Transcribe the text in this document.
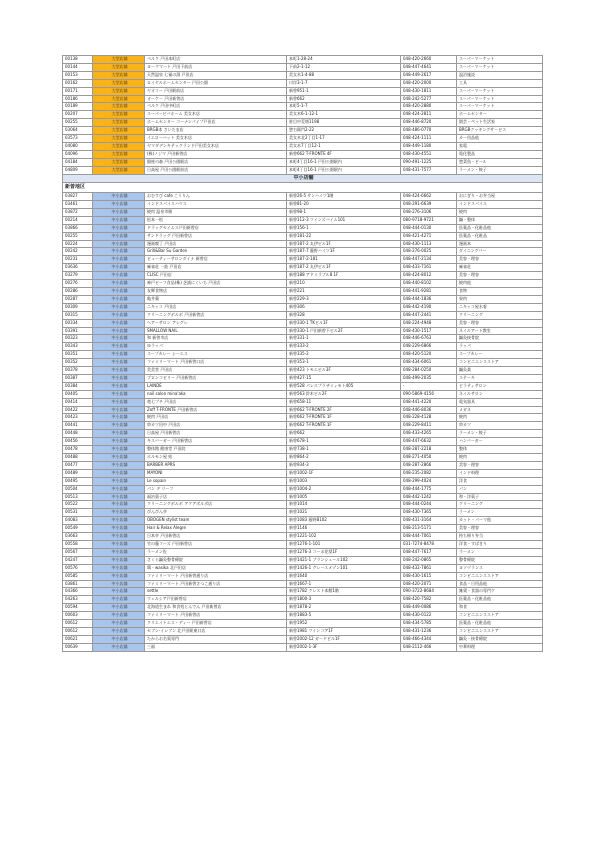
00138	大型店舗	ベルク 戸田本町店	本町1-28-24	048-420-2660	スーパーマーケット
00144	大型店舗	ヨークマート 戸田下前店	下前2-1-12	048-447-4641	スーパーマーケット
00153	大型店舗	天然温泉 七福の湯 戸田店	美女木1-4-88	048-449-2617	温浴施設
00162	大型店舗	ロイヤルホームセンター 戸田公園	川岸3-1-7	048-420-2000	工具
00171	大型店舗	ヤオコー 戸田駅前店	新曽951-1	048-430-1811	スーパーマーケット
00186	大型店舗	オーケー 戸田新曽店	新曽662	048-242-5277	スーパーマーケット
00189	大型店舗	ベルク 戸田中町店	本町5-1-7	048-420-2880	スーパーマーケット
00207	大型店舗	スーパービバホーム 美女木店	美女木6-1-12-1	048-424-2811	ホームセンター
00255	大型店舗	ホームセンター コーナンパイプ戸田店	笹目中荒堰1198	048-446-8720	園芸・ペット生活家
03064	大型店舗	BRGB本 さいたま店	惣右衛門2-22	048-486-0770	BRGBクッキングサービス
03573	大型店舗	イエローハット 美女木店	美女木北2丁目1-17	048-424-1111	カー用品他
04080	大型店舗	ヤマダデンキテックランド戸田美女木店	美女木7丁目12-1	048-449-1180	家電
04096	大型店舗	(株)ノジマ 戸田新曽店	新曽662 T-FRONTE 4F	048-430-4551	電化製品
04184	大型店舗	銀座の森 戸田公園駅店	本町4丁目16-1 戸田公園駅内	090-491-1225	惣菜魚・ビール
04809	大型店舗	日高屋 戸田公園駅前店	本町4丁目16-1 戸田公園駅内	048-431-7577	ラーメン・餃子
中小店舗					
新曽地区					
03827	中小店舗	おむすび cafe こうりん	新曽26-5 サンハイツ1階	048-424-6662	おにぎり・お弁当屋
03461	中小店舗	インドスパイスハウス	新曽81-20	048-291-6639	インドスパイス
03872	中小店舗	焼肉 温泉市勝	新曽98-1	048-276-3106	焼肉
00214	中小店舗	松本一松	新曽112-3 ツインズハイム101	080-9718-9721	鍼・整体
03866	中小店舗	ドラッグセイムス戸田新曽店	新曽156-1	048-444-0130	医薬品・化粧品他
00255	中小店舗	サンドラッグ 戸田新曽店	新曽181-22	048-421-4271	医薬品・化粧品
00224	中小店舗	漫画喫丁 戸田店	新曽187-2 丸伊ビル1F	048-430-1113	漫画本
00242	中小店舗	Grill&Bar Su Garden	新曽187-7 藤野ハイツ1F	048-276-0025	ダイニングバー
00231	中小店舗	ビューティーサロンダイナ 新曽店	新曽187-2-181	048-447-2134	美容・理容
03636	中小店舗	麻雀荘 一紘 戸田店	新曽187-2 丸伊ビル1F	048-433-7161	麻雀荘
03279	中小店舗	CLISC 戸田店	新曽188 アドミラブル8 1F	048-424-8012	美容・理容
00276	中小店舗	神戸ビーフ食品(株) 芝浦にくいち 戸田店	新曽210	048-440-8102	焼肉他
00286	中小店舗	友輝食物店	新曽221	048-441-9281	食物
00287	中小店舗	亀井薬	新曽229-3	048-444-1836	果肉
00309	中小店舗	ニキッコ 戸田店	新曽306	048-442-4190	ニキッコ屋水着
00315	中小店舗	クリーニングボルボ 戸田新曽店	新曽328	048-447-2441	クリーニング
00334	中小店舗	ヘアーサロン アレグレ	新曽330-1 TKビル1F	048-224-4948	美容・理容
03391	中小店舗	SMALLOW NAIL	新曽330-1 戸田新曽下ビル2F	048-430-1517	ネイルアート教室
00323	中小店舗	和 新曽市店	新曽331-1	048-446-6763	鍼灸接骨院
00343	中小店舗	ゆラッパ	新曽333-2	048-229-6866	ラッパ
00351	中小店舗	スープカレー シーエス	新曽335-2	048-420-5120	スープカレー
00352	中小店舗	ファミリーマート 戸田新曽口店	新曽353-1	048-434-6061	コンビニエンスストア
00378	中小店舗	美美堂 戸田店	新曽423 トモエビル3F	048-284-0250	鍼灸業
00387	中小店舗	ブロンコビリー 戸田新曽店	新曽427-15	048-499-2035	ステーキ
00384	中小店舗	LAINDE	新曽528 パレスプラザミィモト405	-	ピラティサロン
00405	中小店舗	nail salon mina'aka	新曽563 鈴木ビル2F	090-5869-4156	ネイルサロン
00414	中小店舗	竜七プチ 戸田店	新曽658-11	048-441-4220	電気器具
00422	中小店舗	Zoff T-FRONTE 戸田新曽店	新曽662 T-FRONTE 2F	048-446-8036	メガネ
00423	中小店舗	焼肉 戸田店	新曽662 T-FRONTE 1F	048-228-4128	焼肉
00441	中小店舗	串カツ田中 戸田店	新曽662 T-FRONTE 1F	048-229-8411	串カツ
00448	中小店舗	日高屋 戸田新曽店	新曽662	048-433-4265	ラーメン・餃子
00456	中小店舗	キスバーガー 戸田新曽店	新曽678-1	048-447-6632	ハンバーガー
00478	中小店舗	整体館 健康堂 戸田院	新曽738-1	048-287-2218	整体
00488	中小店舗	ホルモン屋 結	新曽864-2	048-271-4050	焼肉
00477	中小店舗	BARBER APRS	新曽934-3	048-287-2866	美容・理容
00489	中小店舗	MAYONI	新曽1002-1F	048-235-2082	インド料理
00495	中小店舗	Le sopain	新曽1003	048-299-4024	洋食
00504	中小店舗	パン デ リーフ	新曽1004-2	048-444-1775	パン
00513	中小店舗	福治菓子店	新曽1005	048-442-1242	和・洋菓子
00522	中小店舗	クリーニングボルボ アクアボルボ店	新曽1014	048-444-0244	クリーニング
00531	中小店舗	ぴんぴん亭	新曽1021	048-430-7365	ラーメン
04083	中小店舗	OBOGEN stylist team	新曽1083 藤野B102	048-431-3164	カット・パーマ他
00549	中小店舗	Hair & Relax Alegre	新曽1146	048-213-5171	美容・理容
03663	中小店舗	日本亭 戸田新曽店	新曽1221-102	048-444-7061	持ち帰り弁当
00558	中小店舗	竹の藤フーズ 戸田新曽店	新曽1276-1-101	031-7274-8478	洋食・すぱきり
00567	中小店舗	ラーメン佐	新曽1276-3 コーポ花梨1F	048-447-7617	ラーメン
04247	中小店舗	さくら鍼灸整骨療院	新曽1421-1 ブランシュール102	048-242-0865	整骨療院
00576	中小店舗	鶏・wasika 北戸田店	新曽1426-1 グレースメゾン101	048-432-7861	ヨソヅランス
00585	中小店舗	ファミリーマート 戸田新曽通り店	新曽1640	048-430-1615	コンビニエンスストア
03861	中小店舗	ファミリーマート 戸田新曽さつこ通り店	新曽1667-1	048-420-2071	食品・日用品他
04366	中小店舗	settle	新曽1782 クレスト本館1階	090-3722-8684	雑貨・食器の専門ケ
04263	中小店舗	ウェルシア戸田新曽店	新曽1800-3	048-420-7582	医薬品・化粧品他
00594	中小店舗	北海道生まれ 和食処とんでん 戸田新曽店	新曽1878-2	048-449-0086	和食
00603	中小店舗	ファミリーマート 戸田新曽店	新曽1883-5	048-430-0122	コンビニエンスストア
00612	中小店舗	クリエイトエス・ディー 戸田新曽店	新曽1952	048-434-5785	医薬品・化粧品他
00612	中小店舗	セブン-イレブン 北戸田駅東口店	新曽1981 ツインコア1F	048-431-1236	コンビニエンスストア
00621	中小店舗	たからお名菓専門	新曽2002-12 ガードビル1F	048-466-4344	鍼灸・接骨療院
00639	中小店舗	三福	新曽2002-1-3F	048-2112-466	中華料理
